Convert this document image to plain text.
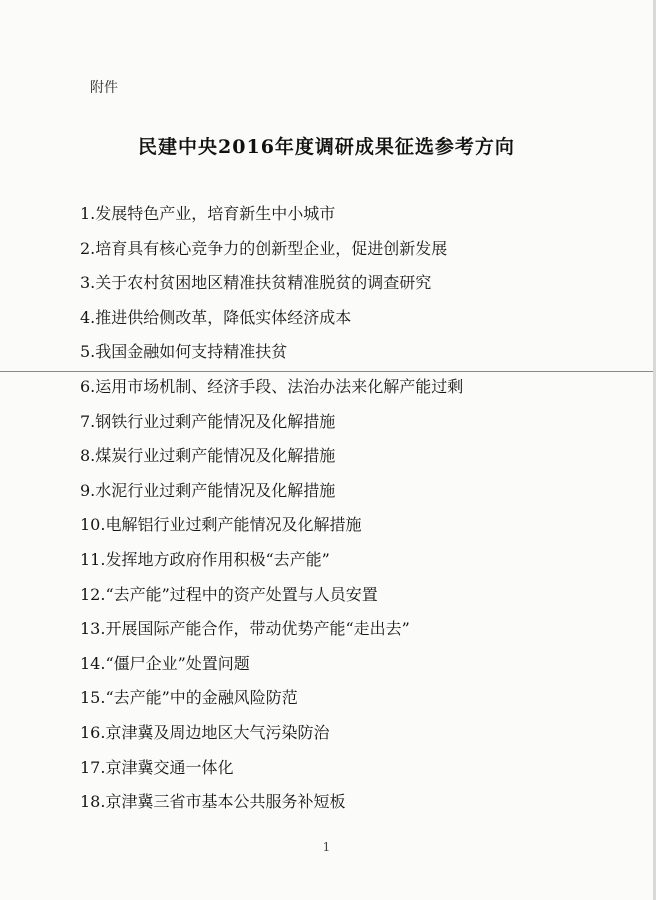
附件
民建中央2016年度调研成果征选参考方向
1.发展特色产业，培育新生中小城市
2.培育具有核心竞争力的创新型企业，促进创新发展
3.关于农村贫困地区精准扶贫精准脱贫的调查研究
4.推进供给侧改革，降低实体经济成本
5.我国金融如何支持精准扶贫
6.运用市场机制、经济手段、法治办法来化解产能过剩
7.钢铁行业过剩产能情况及化解措施
8.煤炭行业过剩产能情况及化解措施
9.水泥行业过剩产能情况及化解措施
10.电解铝行业过剩产能情况及化解措施
11.发挥地方政府作用积极“去产能”
12.“去产能”过程中的资产处置与人员安置
13.开展国际产能合作，带动优势产能“走出去”
14.“僵尸企业”处置问题
15.“去产能”中的金融风险防范
16.京津冀及周边地区大气污染防治
17.京津冀交通一体化
18.京津冀三省市基本公共服务补短板
1
